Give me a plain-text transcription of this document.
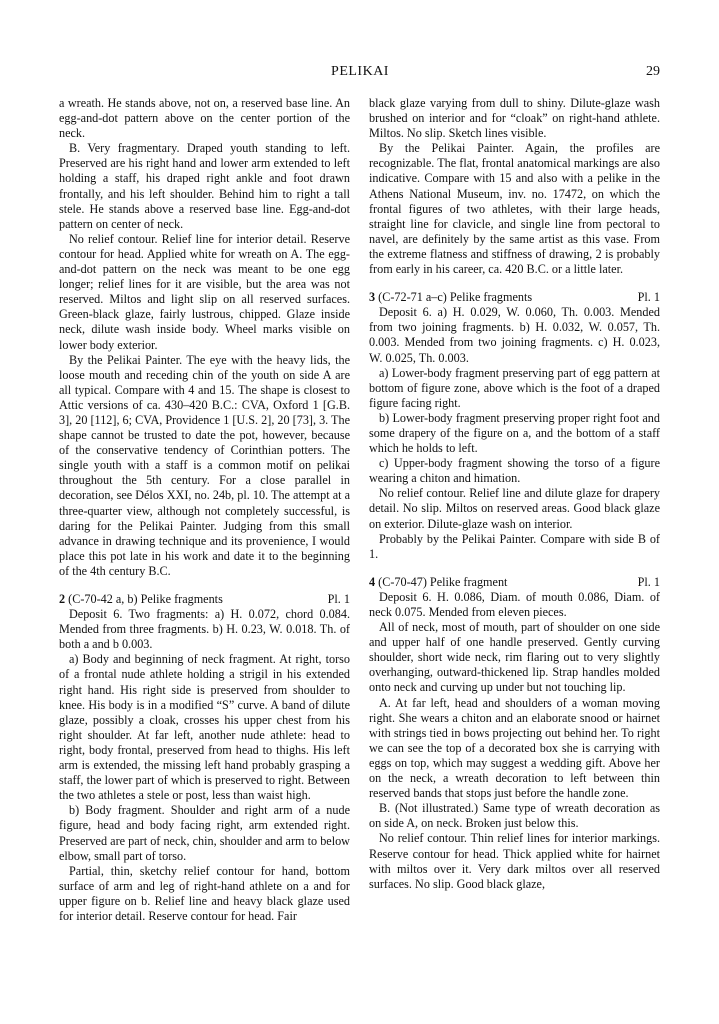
PELIKAI	29

a wreath. He stands above, not on, a reserved base line. An egg-and-dot pattern above on the center portion of the neck.

B. Very fragmentary. Draped youth standing to left. Preserved are his right hand and lower arm extended to left holding a staff, his draped right ankle and foot drawn frontally, and his left shoulder. Behind him to right a tall stele. He stands above a reserved base line. Egg-and-dot pattern on center of neck.

No relief contour. Relief line for interior detail. Reserve contour for head. Applied white for wreath on A. The egg-and-dot pattern on the neck was meant to be one egg longer; relief lines for it are visible, but the area was not reserved. Miltos and light slip on all reserved surfaces. Green-black glaze, fairly lustrous, chipped. Glaze inside neck, dilute wash inside body. Wheel marks visible on lower body exterior.

By the Pelikai Painter. The eye with the heavy lids, the loose mouth and receding chin of the youth on side A are all typical. Compare with 4 and 15. The shape is closest to Attic versions of ca. 430–420 B.C.: CVA, Oxford 1 [G.B. 3], 20 [112], 6; CVA, Providence 1 [U.S. 2], 20 [73], 3. The shape cannot be trusted to date the pot, however, because of the conservative tendency of Corinthian potters. The single youth with a staff is a common motif on pelikai throughout the 5th century. For a close parallel in decoration, see Délos XXI, no. 24b, pl. 10. The attempt at a three-quarter view, although not completely successful, is daring for the Pelikai Painter. Judging from this small advance in drawing technique and its provenience, I would place this pot late in his work and date it to the beginning of the 4th century B.C.

2 (C-70-42 a, b) Pelike fragments	Pl. 1

Deposit 6. Two fragments: a) H. 0.072, chord 0.084. Mended from three fragments. b) H. 0.23, W. 0.018. Th. of both a and b 0.003.

a) Body and beginning of neck fragment. At right, torso of a frontal nude athlete holding a strigil in his extended right hand. His right side is preserved from shoulder to knee. His body is in a modified “S” curve. A band of dilute glaze, possibly a cloak, crosses his upper chest from his right shoulder. At far left, another nude athlete: head to right, body frontal, preserved from head to thighs. His left arm is extended, the missing left hand probably grasping a staff, the lower part of which is preserved to right. Between the two athletes a stele or post, less than waist high.

b) Body fragment. Shoulder and right arm of a nude figure, head and body facing right, arm extended right. Preserved are part of neck, chin, shoulder and arm to below elbow, small part of torso.

Partial, thin, sketchy relief contour for hand, bottom surface of arm and leg of right-hand athlete on a and for upper figure on b. Relief line and heavy black glaze used for interior detail. Reserve contour for head. Fair

black glaze varying from dull to shiny. Dilute-glaze wash brushed on interior and for “cloak” on right-hand athlete. Miltos. No slip. Sketch lines visible.

By the Pelikai Painter. Again, the profiles are recognizable. The flat, frontal anatomical markings are also indicative. Compare with 15 and also with a pelike in the Athens National Museum, inv. no. 17472, on which the frontal figures of two athletes, with their large heads, straight line for clavicle, and single line from pectoral to navel, are definitely by the same artist as this vase. From the extreme flatness and stiffness of drawing, 2 is probably from early in his career, ca. 420 B.C. or a little later.

3 (C-72-71 a–c) Pelike fragments	Pl. 1

Deposit 6. a) H. 0.029, W. 0.060, Th. 0.003. Mended from two joining fragments. b) H. 0.032, W. 0.057, Th. 0.003. Mended from two joining fragments. c) H. 0.023, W. 0.025, Th. 0.003.

a) Lower-body fragment preserving part of egg pattern at bottom of figure zone, above which is the foot of a draped figure facing right.

b) Lower-body fragment preserving proper right foot and some drapery of the figure on a, and the bottom of a staff which he holds to left.

c) Upper-body fragment showing the torso of a figure wearing a chiton and himation.

No relief contour. Relief line and dilute glaze for drapery detail. No slip. Miltos on reserved areas. Good black glaze on exterior. Dilute-glaze wash on interior.

Probably by the Pelikai Painter. Compare with side B of 1.

4 (C-70-47) Pelike fragment	Pl. 1

Deposit 6. H. 0.086, Diam. of mouth 0.086, Diam. of neck 0.075. Mended from eleven pieces.

All of neck, most of mouth, part of shoulder on one side and upper half of one handle preserved. Gently curving shoulder, short wide neck, rim flaring out to very slightly overhanging, outward-thickened lip. Strap handles molded onto neck and curving up under but not touching lip.

A. At far left, head and shoulders of a woman moving right. She wears a chiton and an elaborate snood or hairnet with strings tied in bows projecting out behind her. To right we can see the top of a decorated box she is carrying with eggs on top, which may suggest a wedding gift. Above her on the neck, a wreath decoration to left between thin reserved bands that stops just before the handle zone.

B. (Not illustrated.) Same type of wreath decoration as on side A, on neck. Broken just below this.

No relief contour. Thin relief lines for interior markings. Reserve contour for head. Thick applied white for hairnet with miltos over it. Very dark miltos over all reserved surfaces. No slip. Good black glaze,
